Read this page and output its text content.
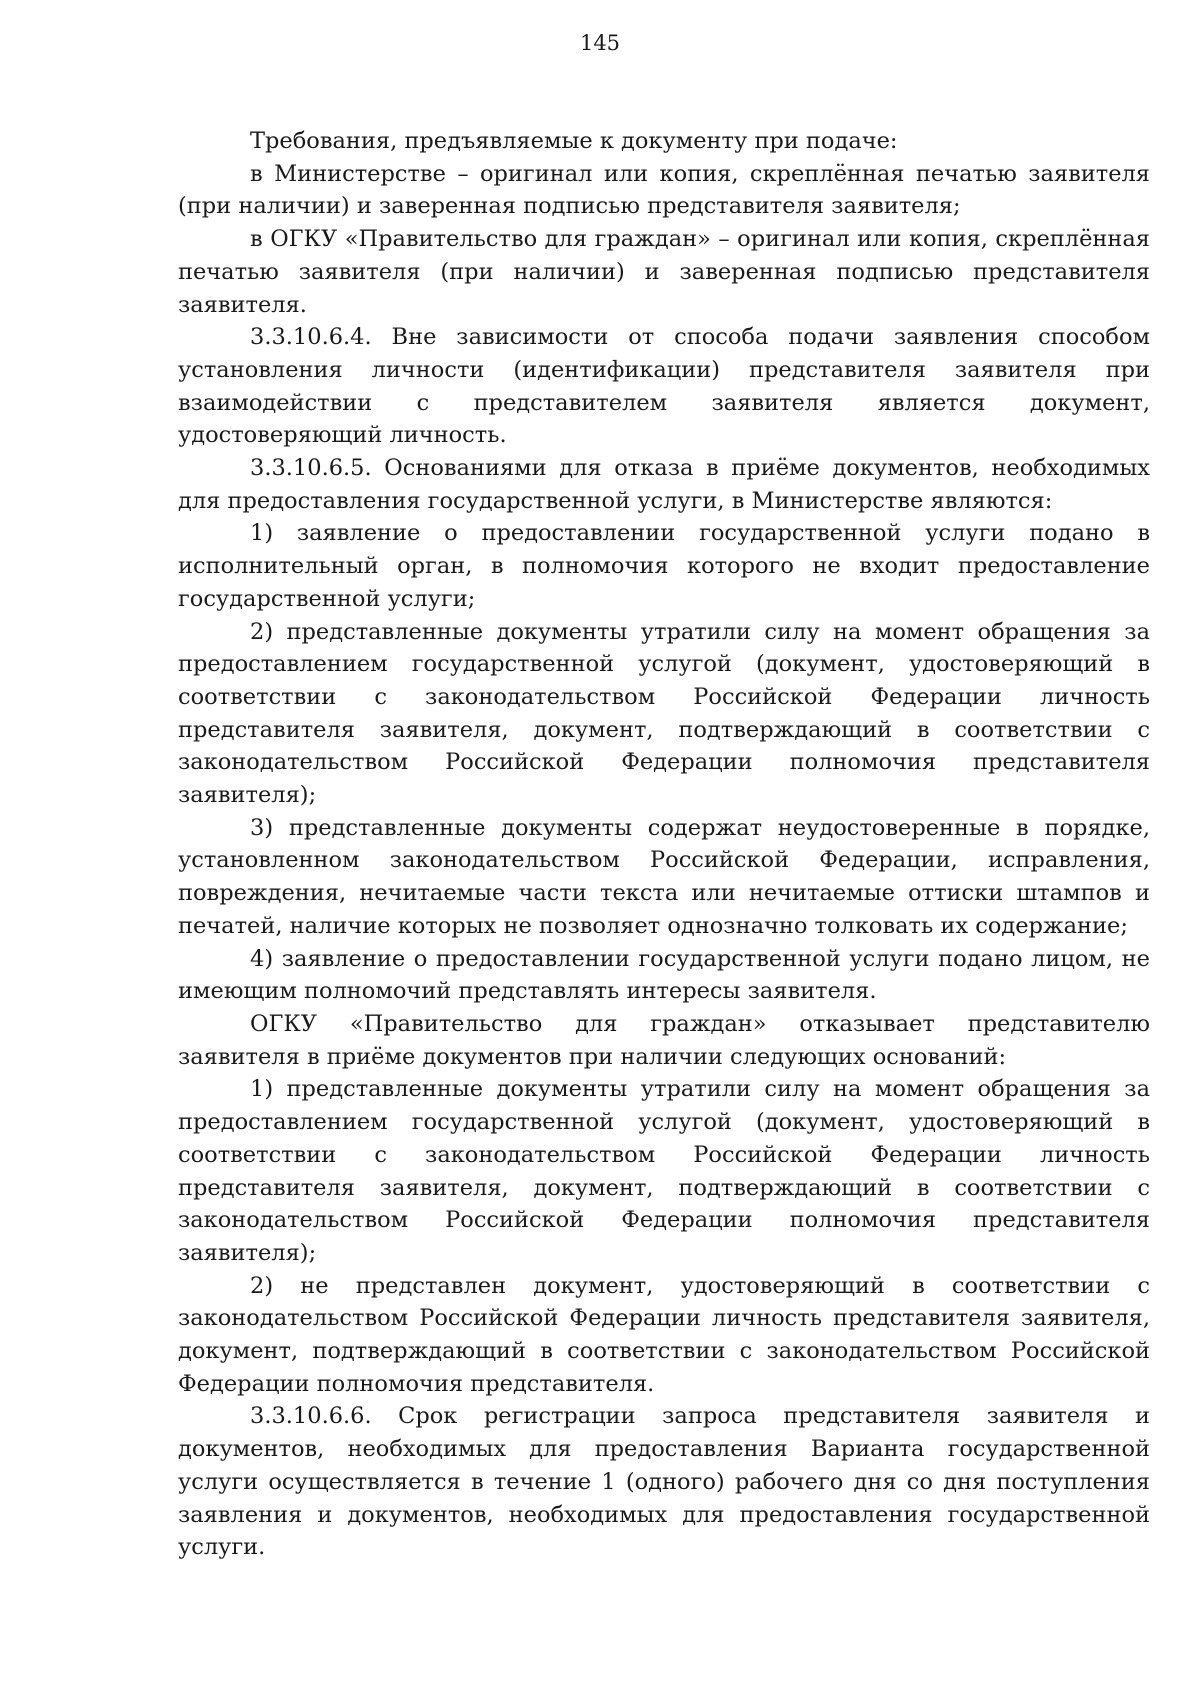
145

Требования, предъявляемые к документу при подаче:

в Министерстве – оригинал или копия, скреплённая печатью заявителя (при наличии) и заверенная подписью представителя заявителя;

в ОГКУ «Правительство для граждан» – оригинал или копия, скреплённая печатью заявителя (при наличии) и заверенная подписью представителя заявителя.

3.3.10.6.4. Вне зависимости от способа подачи заявления способом установления личности (идентификации) представителя заявителя при взаимодействии с представителем заявителя является документ, удостоверяющий личность.

3.3.10.6.5. Основаниями для отказа в приёме документов, необходимых для предоставления государственной услуги, в Министерстве являются:

1) заявление о предоставлении государственной услуги подано в исполнительный орган, в полномочия которого не входит предоставление государственной услуги;

2) представленные документы утратили силу на момент обращения за предоставлением государственной услугой (документ, удостоверяющий в соответствии с законодательством Российской Федерации личность представителя заявителя, документ, подтверждающий в соответствии с законодательством Российской Федерации полномочия представителя заявителя);

3) представленные документы содержат неудостоверенные в порядке, установленном законодательством Российской Федерации, исправления, повреждения, нечитаемые части текста или нечитаемые оттиски штампов и печатей, наличие которых не позволяет однозначно толковать их содержание;

4) заявление о предоставлении государственной услуги подано лицом, не имеющим полномочий представлять интересы заявителя.

ОГКУ «Правительство для граждан» отказывает представителю заявителя в приёме документов при наличии следующих оснований:

1) представленные документы утратили силу на момент обращения за предоставлением государственной услугой (документ, удостоверяющий в соответствии с законодательством Российской Федерации личность представителя заявителя, документ, подтверждающий в соответствии с законодательством Российской Федерации полномочия представителя заявителя);

2) не представлен документ, удостоверяющий в соответствии с законодательством Российской Федерации личность представителя заявителя, документ, подтверждающий в соответствии с законодательством Российской Федерации полномочия представителя.

3.3.10.6.6. Срок регистрации запроса представителя заявителя и документов, необходимых для предоставления Варианта государственной услуги осуществляется в течение 1 (одного) рабочего дня со дня поступления заявления и документов, необходимых для предоставления государственной услуги.
